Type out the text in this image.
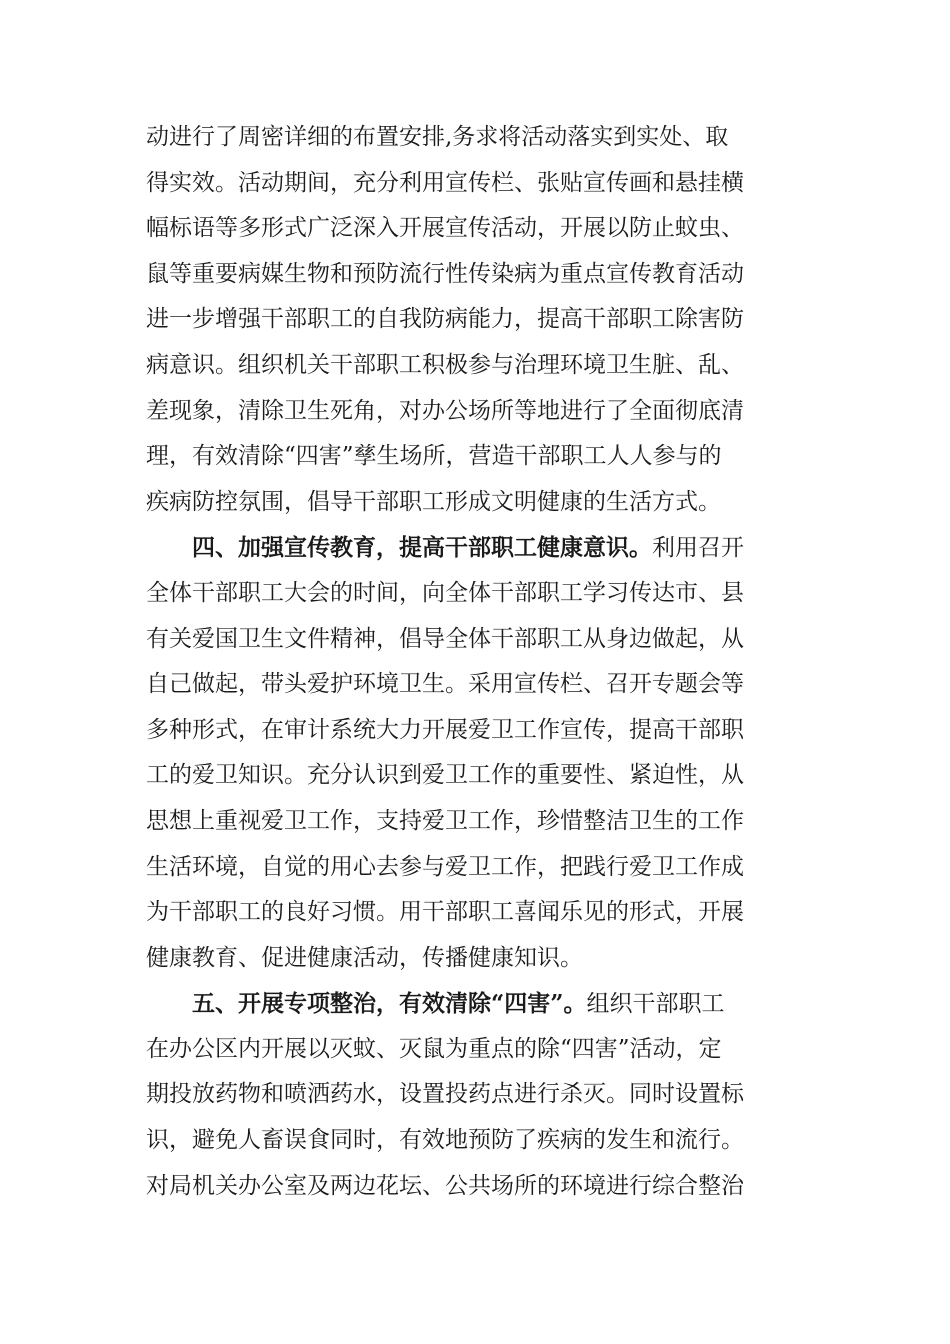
动进行了周密详细的布置安排,务求将活动落实到实处、取
得实效。活动期间，充分利用宣传栏、张贴宣传画和悬挂横
幅标语等多形式广泛深入开展宣传活动，开展以防止蚊虫、
鼠等重要病媒生物和预防流行性传染病为重点宣传教育活动
进一步增强干部职工的自我防病能力，提高干部职工除害防
病意识。组织机关干部职工积极参与治理环境卫生脏、乱、
差现象，清除卫生死角，对办公场所等地进行了全面彻底清
理，有效清除“四害”孳生场所，营造干部职工人人参与的
疾病防控氛围，倡导干部职工形成文明健康的生活方式。
四、加强宣传教育，提高干部职工健康意识。利用召开
全体干部职工大会的时间，向全体干部职工学习传达市、县
有关爱国卫生文件精神，倡导全体干部职工从身边做起，从
自己做起，带头爱护环境卫生。采用宣传栏、召开专题会等
多种形式，在审计系统大力开展爱卫工作宣传，提高干部职
工的爱卫知识。充分认识到爱卫工作的重要性、紧迫性，从
思想上重视爱卫工作，支持爱卫工作，珍惜整洁卫生的工作
生活环境，自觉的用心去参与爱卫工作，把践行爱卫工作成
为干部职工的良好习惯。用干部职工喜闻乐见的形式，开展
健康教育、促进健康活动，传播健康知识。
五、开展专项整治，有效清除“四害”。组织干部职工
在办公区内开展以灭蚊、灭鼠为重点的除“四害”活动，定
期投放药物和喷洒药水，设置投药点进行杀灭。同时设置标
识，避免人畜误食同时，有效地预防了疾病的发生和流行。
对局机关办公室及两边花坛、公共场所的环境进行综合整治
